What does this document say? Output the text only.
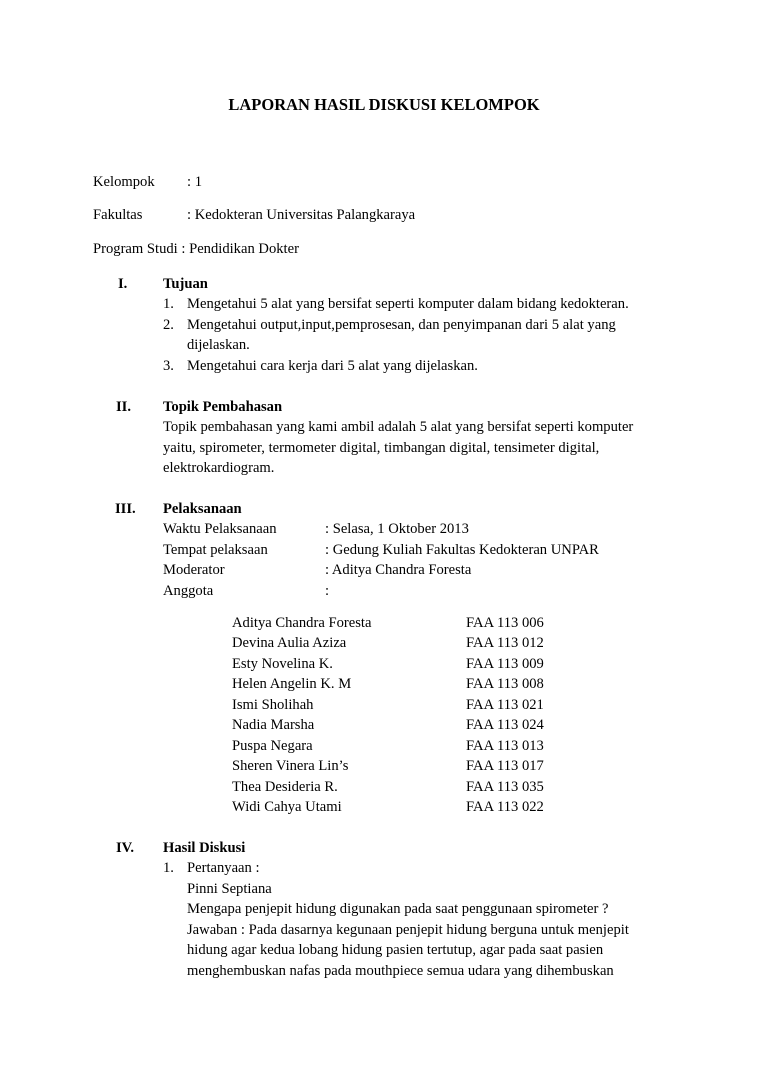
LAPORAN HASIL DISKUSI KELOMPOK
Kelompok : 1
Fakultas	: Kedokteran Universitas Palangkaraya
Program Studi : Pendidikan Dokter
I. Tujuan
1. Mengetahui 5 alat yang bersifat seperti komputer dalam bidang kedokteran.
2. Mengetahui output,input,pemprosesan, dan penyimpanan dari 5 alat yang
dijelaskan.
3. Mengetahui cara kerja dari 5 alat yang dijelaskan.
II. Topik Pembahasan
Topik pembahasan yang kami ambil adalah 5 alat yang bersifat seperti komputer
yaitu, spirometer, termometer digital, timbangan digital, tensimeter digital,
elektrokardiogram.
III. Pelaksanaan
Waktu Pelaksanaan	: Selasa, 1 Oktober 2013
Tempat pelaksaan	: Gedung Kuliah Fakultas Kedokteran UNPAR
Moderator	: Aditya Chandra Foresta
Anggota	:
Aditya Chandra Foresta	FAA 113 006
Devina Aulia Aziza	FAA 113 012
Esty Novelina K.	FAA 113 009
Helen Angelin K. M	FAA 113 008
Ismi Sholihah	FAA 113 021
Nadia Marsha	FAA 113 024
Puspa Negara	FAA 113 013
Sheren Vinera Lin’s	FAA 113 017
Thea Desideria R.	FAA 113 035
Widi Cahya Utami	FAA 113 022
IV. Hasil Diskusi
1. Pertanyaan :
Pinni Septiana
Mengapa penjepit hidung digunakan pada saat penggunaan spirometer ?
Jawaban : Pada dasarnya kegunaan penjepit hidung berguna untuk menjepit
hidung agar kedua lobang hidung pasien tertutup, agar pada saat pasien
menghembuskan nafas pada mouthpiece semua udara yang dihembuskan
